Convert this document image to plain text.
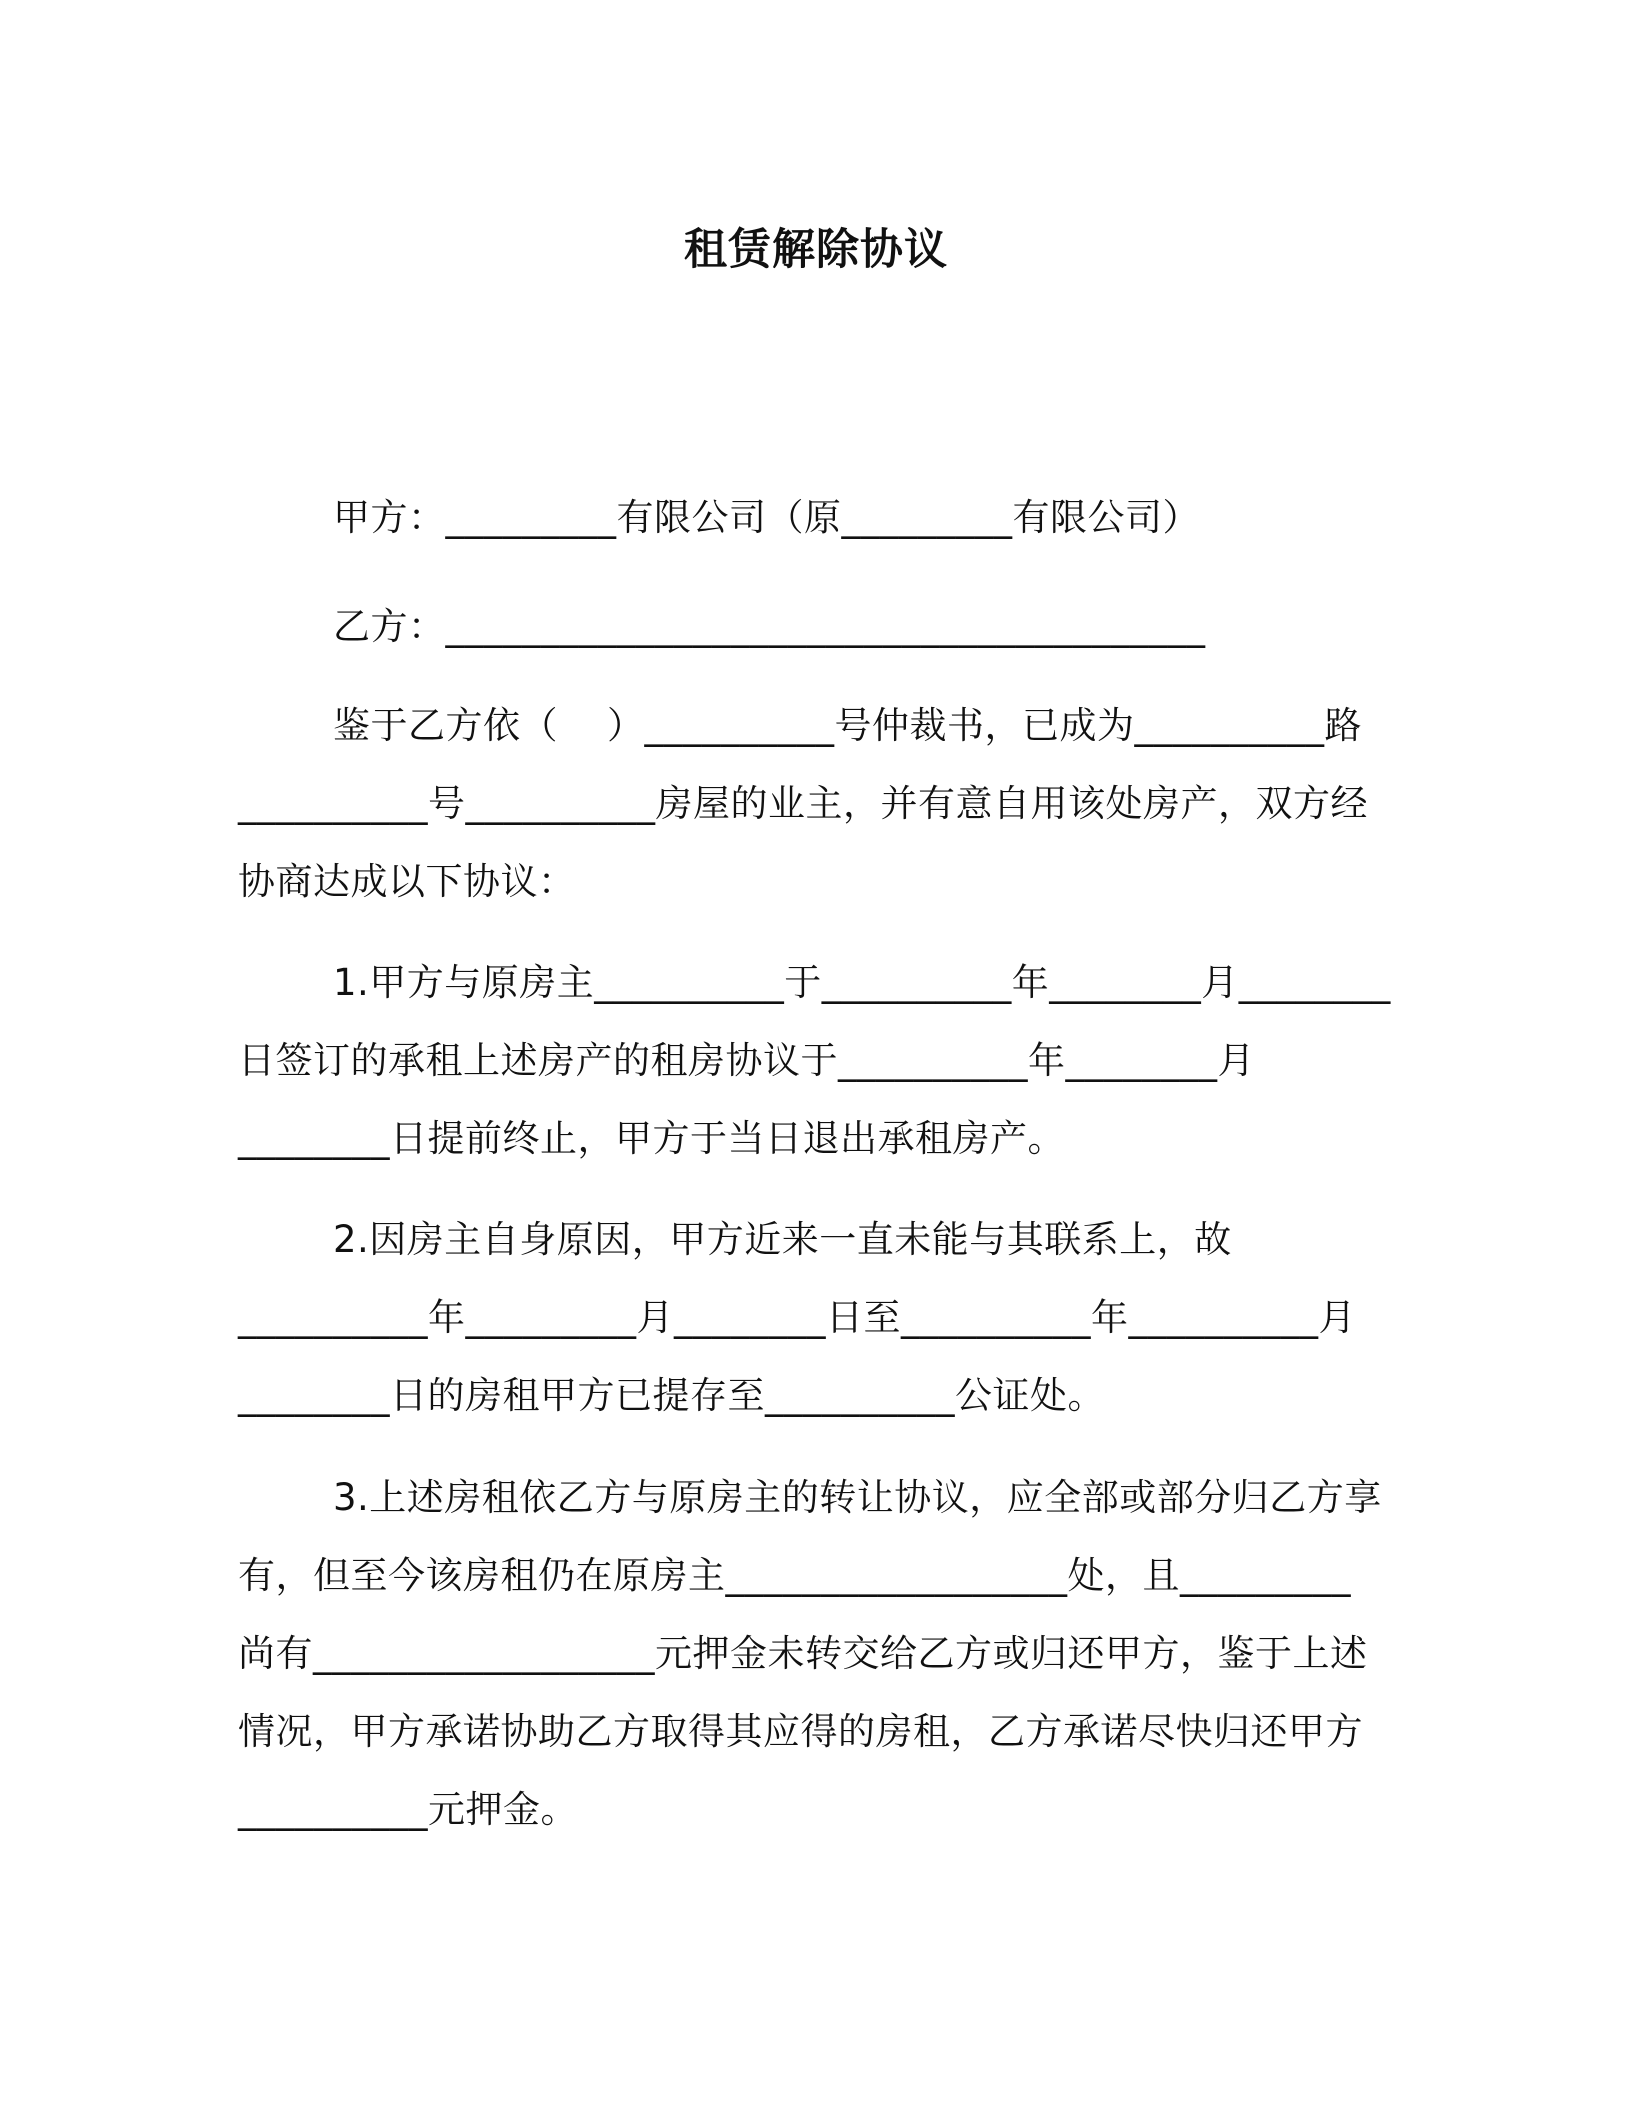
租赁解除协议
甲方：_________有限公司（原_________有限公司）
乙方：________________________________________
鉴于乙方依（    ）__________号仲裁书，已成为__________路
__________号__________房屋的业主，并有意自用该处房产，双方经
协商达成以下协议：
1.甲方与原房主__________于__________年________月________
日签订的承租上述房产的租房协议于__________年________月
________日提前终止，甲方于当日退出承租房产。
2.因房主自身原因，甲方近来一直未能与其联系上，故
__________年_________月________日至__________年__________月
________日的房租甲方已提存至__________公证处。
3.上述房租依乙方与原房主的转让协议，应全部或部分归乙方享
有，但至今该房租仍在原房主__________________处，且_________
尚有__________________元押金未转交给乙方或归还甲方，鉴于上述
情况，甲方承诺协助乙方取得其应得的房租，乙方承诺尽快归还甲方
__________元押金。
